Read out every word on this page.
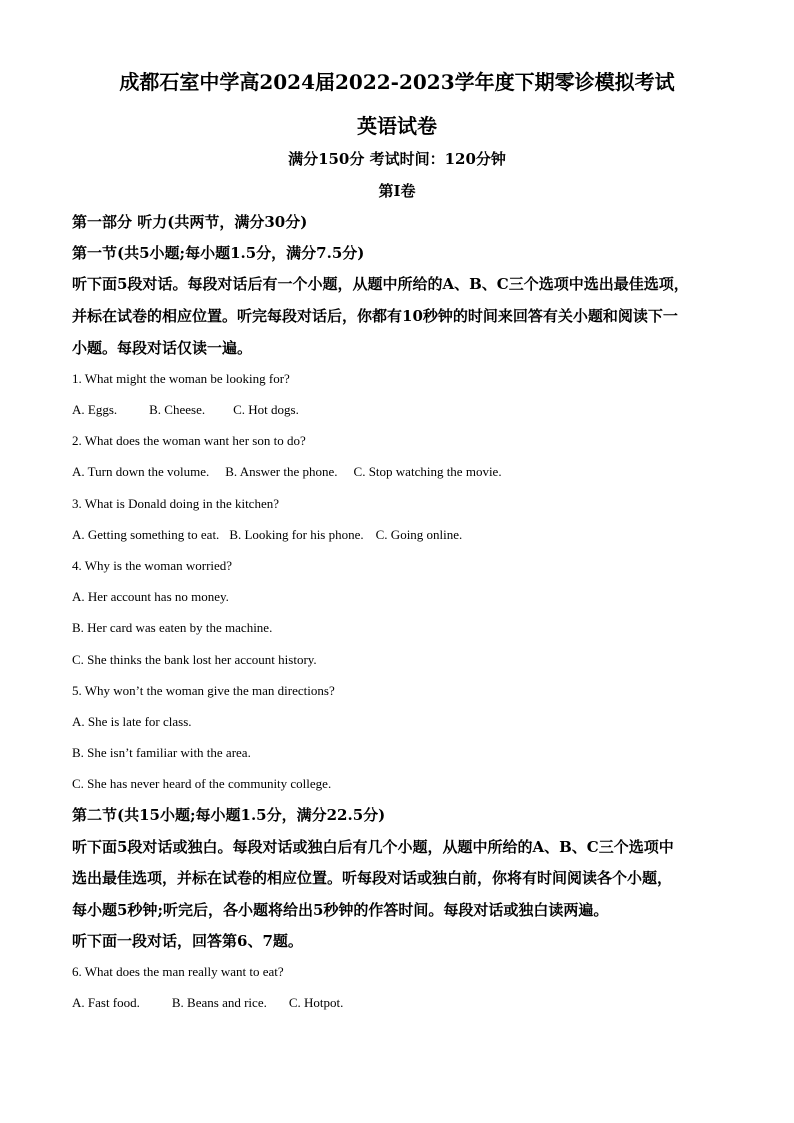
成都石室中学高2024届2022-2023学年度下期零诊模拟考试
英语试卷
满分150分 考试时间：120分钟
第I卷
第一部分 听力(共两节，满分30分)
第一节(共5小题;每小题1.5分，满分7.5分)
听下面5段对话。每段对话后有一个小题，从题中所给的A、B、C三个选项中选出最佳选项，
并标在试卷的相应位置。听完每段对话后，你都有10秒钟的时间来回答有关小题和阅读下一
小题。每段对话仅读一遍。
1. What might the woman be looking for?
A. Eggs. B. Cheese. C. Hot dogs.
2. What does the woman want her son to do?
A. Turn down the volume. B. Answer the phone. C. Stop watching the movie.
3. What is Donald doing in the kitchen?
A. Getting something to eat. B. Looking for his phone. C. Going online.
4. Why is the woman worried?
A. Her account has no money.
B. Her card was eaten by the machine.
C. She thinks the bank lost her account history.
5. Why won’t the woman give the man directions?
A. She is late for class.
B. She isn’t familiar with the area.
C. She has never heard of the community college.
第二节(共15小题;每小题1.5分，满分22.5分)
听下面5段对话或独白。每段对话或独白后有几个小题，从题中所给的A、B、C三个选项中
选出最佳选项，并标在试卷的相应位置。听每段对话或独白前，你将有时间阅读各个小题，
每小题5秒钟;听完后，各小题将给出5秒钟的作答时间。每段对话或独白读两遍。
听下面一段对话，回答第6、7题。
6. What does the man really want to eat?
A. Fast food. B. Beans and rice. C. Hotpot.
